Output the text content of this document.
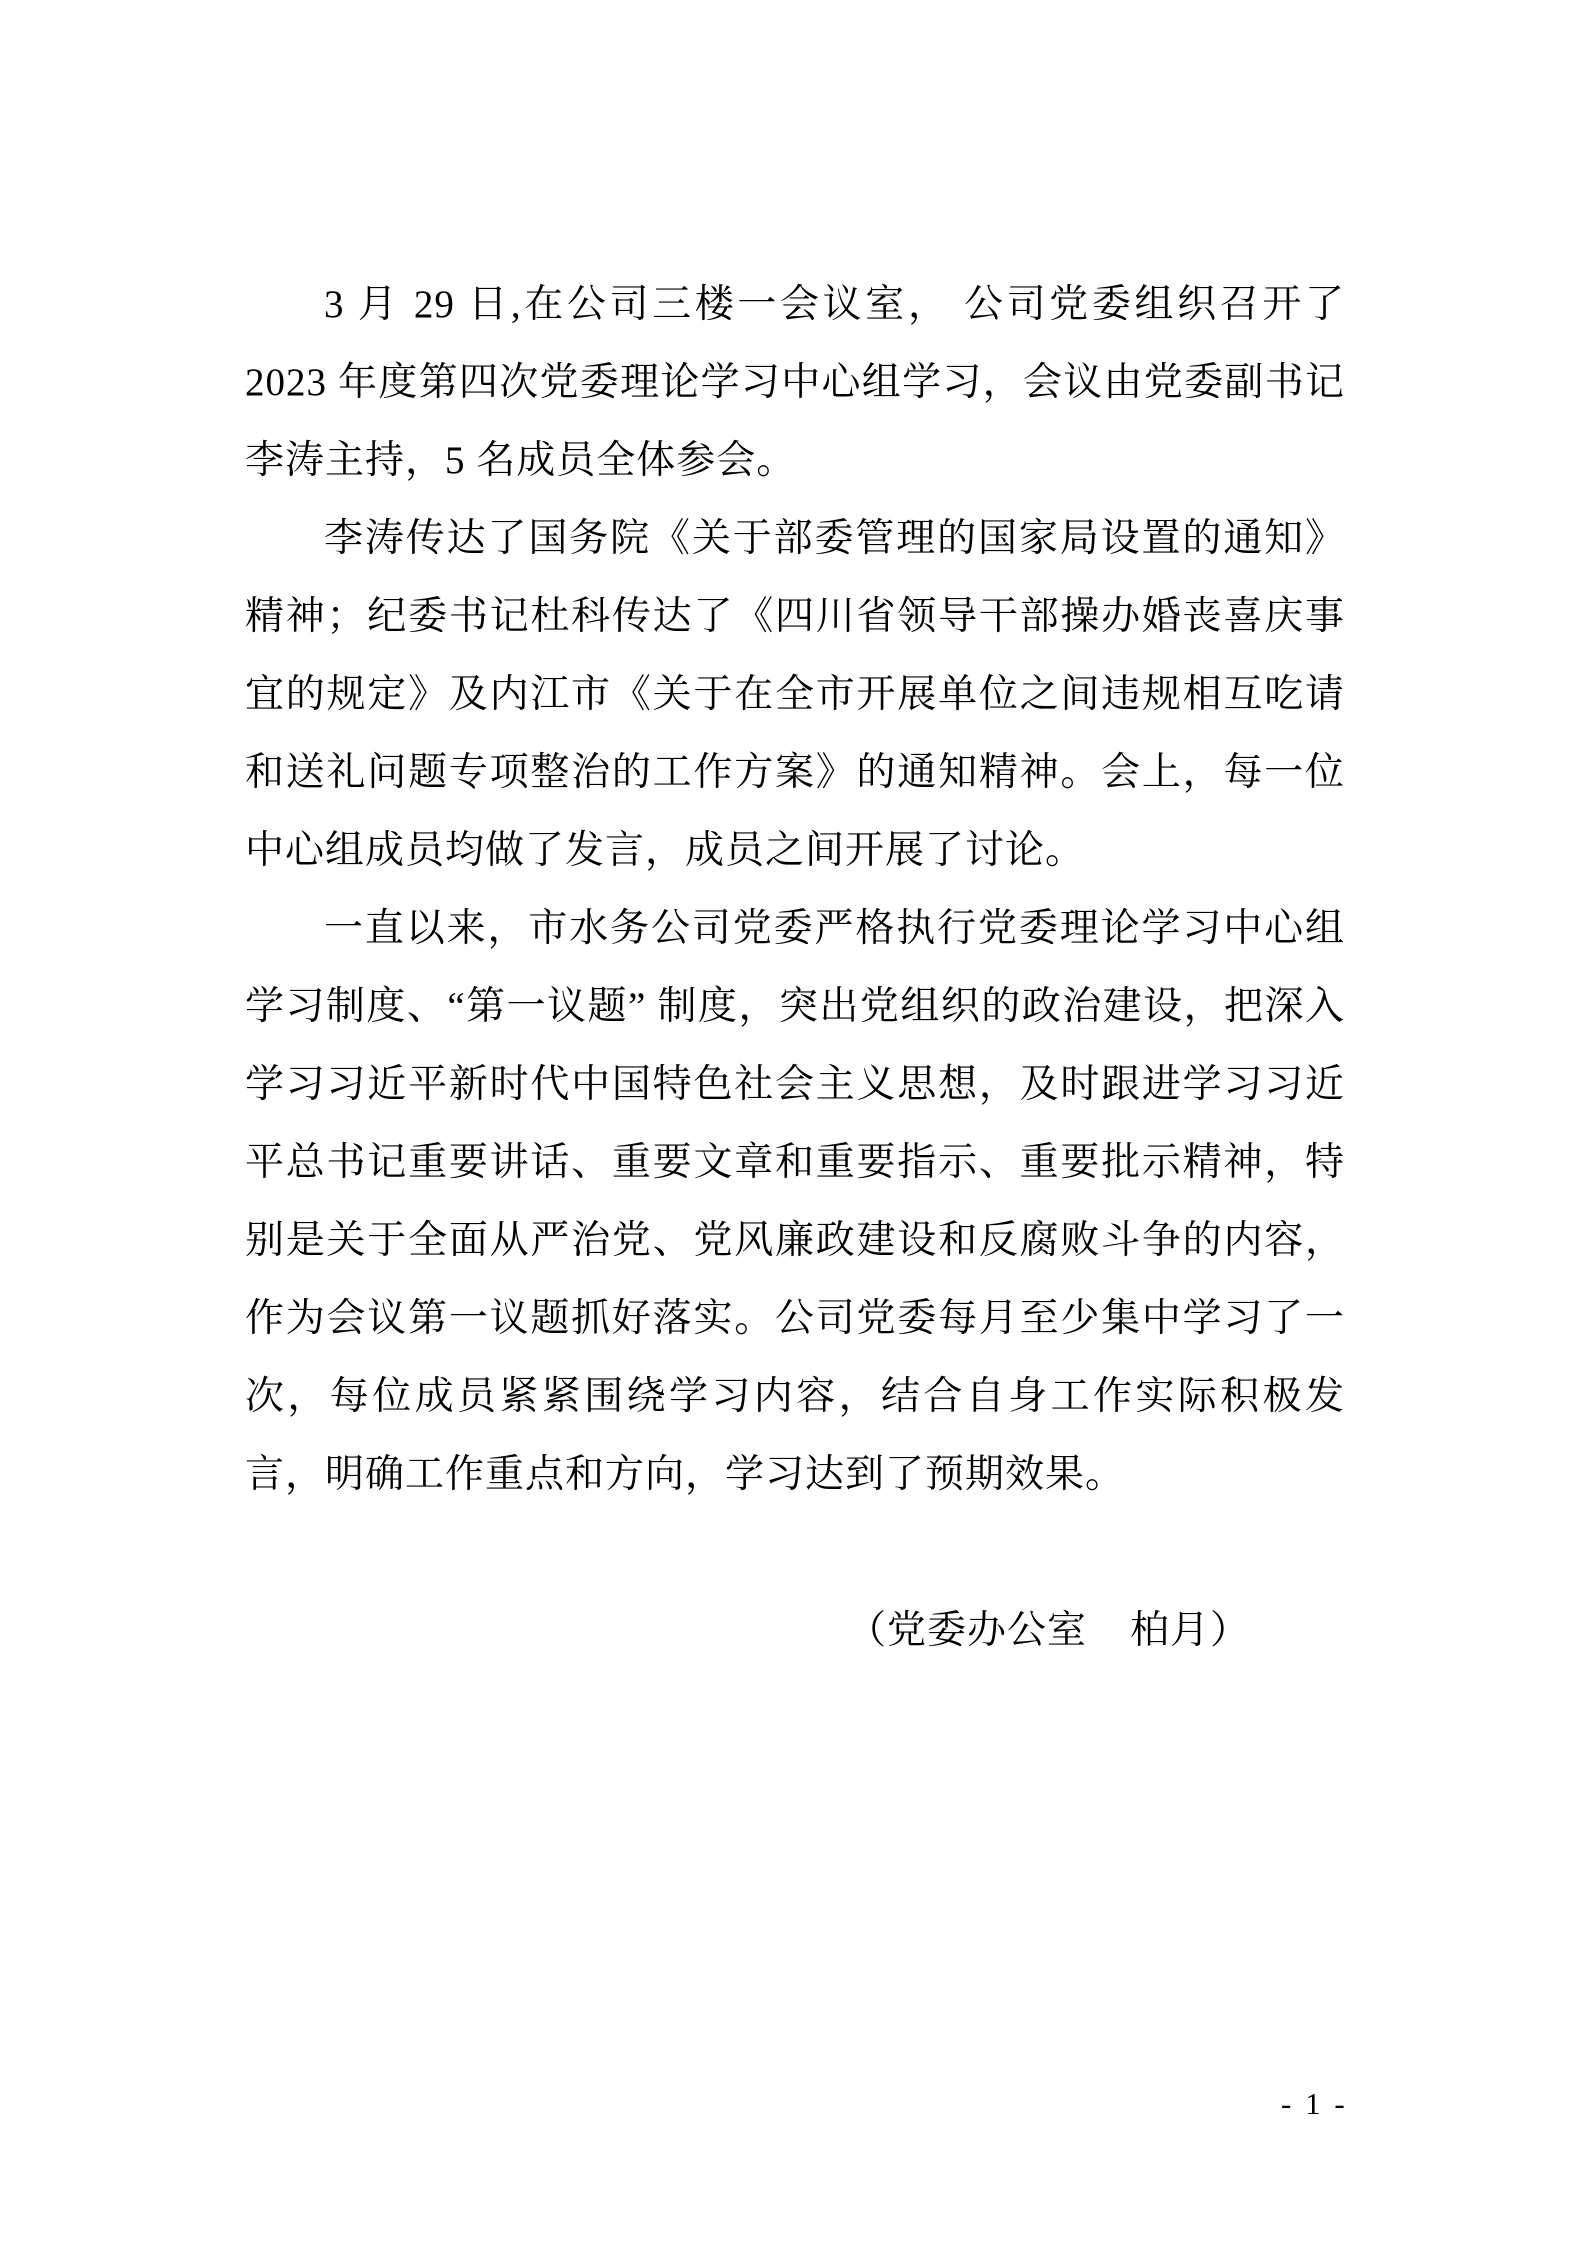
3 月 29 日,在公司三楼一会议室， 公司党委组织召开了 2023 年度第四次党委理论学习中心组学习，会议由党委副书记李涛主持，5 名成员全体参会。

李涛传达了国务院《关于部委管理的国家局设置的通知》精神；纪委书记杜科传达了《四川省领导干部操办婚丧喜庆事宜的规定》及内江市《关于在全市开展单位之间违规相互吃请和送礼问题专项整治的工作方案》的通知精神。会上，每一位中心组成员均做了发言，成员之间开展了讨论。

一直以来，市水务公司党委严格执行党委理论学习中心组学习制度、“第一议题” 制度，突出党组织的政治建设，把深入学习习近平新时代中国特色社会主义思想，及时跟进学习习近平总书记重要讲话、重要文章和重要指示、重要批示精神，特别是关于全面从严治党、党风廉政建设和反腐败斗争的内容，作为会议第一议题抓好落实。公司党委每月至少集中学习了一次，每位成员紧紧围绕学习内容，结合自身工作实际积极发言，明确工作重点和方向，学习达到了预期效果。

（党委办公室    柏月）

- 1 -
